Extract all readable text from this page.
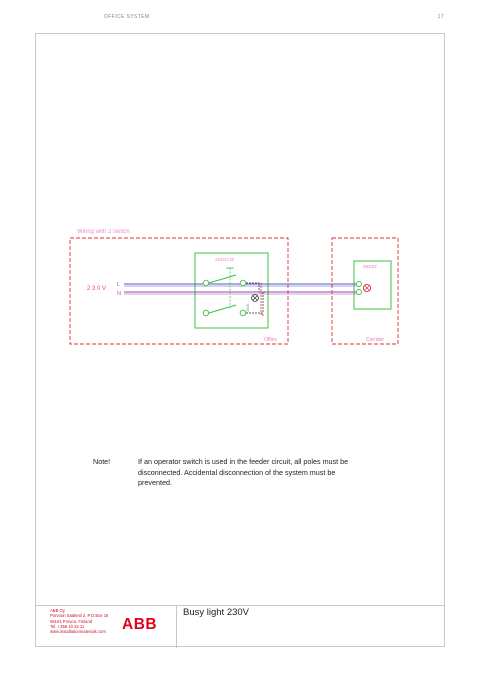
OFFICE SYSTEM	17
Wiring with 2 switch
Office	Corridor
2845/2 Bl
2843/2
2 3 0 V
L
N
2845 ...
Note!	If an operator switch is used in the feeder circuit, all poles must be disconnected. Accidental disconnection of the system must be prevented.
ABB Oy
Porvoon Sääketii 2, P.O.Box 16
06101 Porvoo, Finland
Tel. +358 10 22 11
www.installationmaterials.com ABB
Busy light 230V
